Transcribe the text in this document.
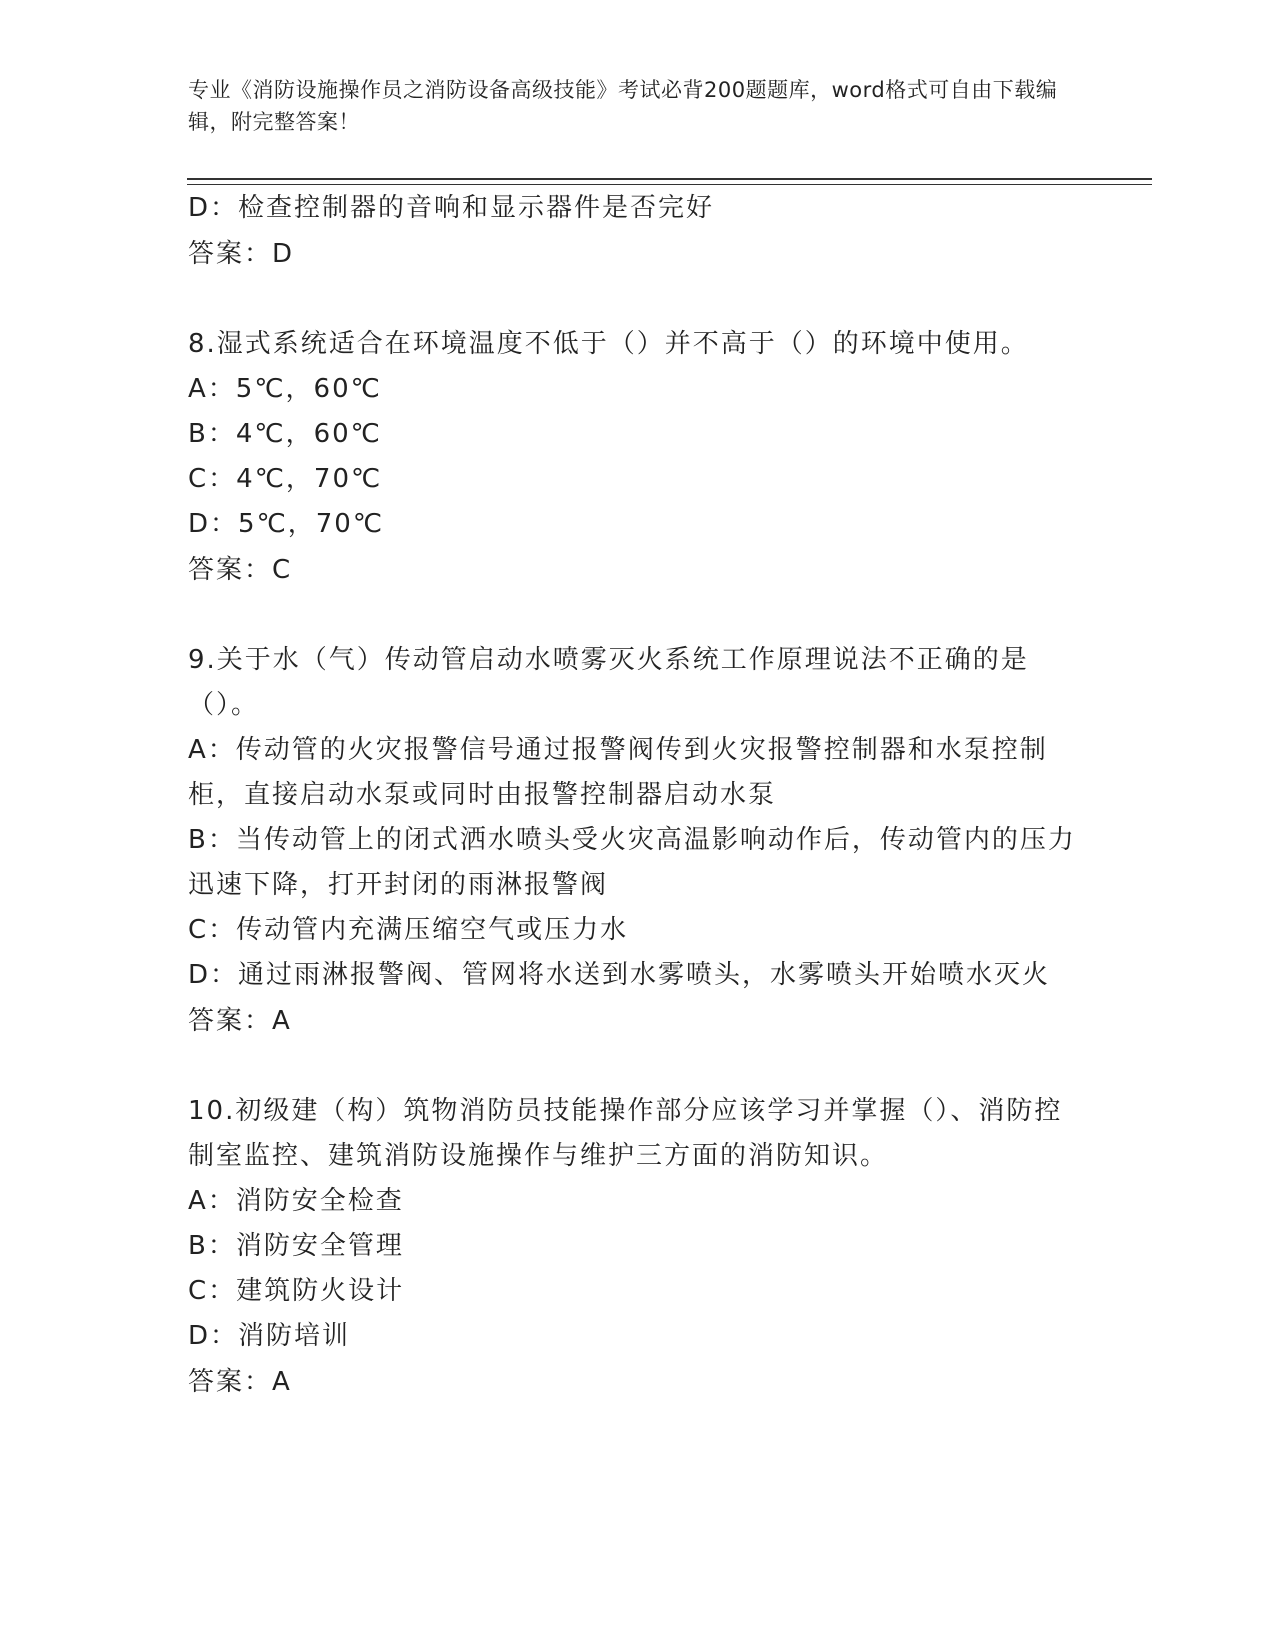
专业《消防设施操作员之消防设备高级技能》考试必背200题题库，word格式可自由下载编辑，附完整答案！
D：检查控制器的音响和显示器件是否完好
答案：D
8.湿式系统适合在环境温度不低于（）并不高于（）的环境中使用。
A：5℃，60℃
B：4℃，60℃
C：4℃，70℃
D：5℃，70℃
答案：C
9.关于水（气）传动管启动水喷雾灭火系统工作原理说法不正确的是（）。
A：传动管的火灾报警信号通过报警阀传到火灾报警控制器和水泵控制柜，直接启动水泵或同时由报警控制器启动水泵
B：当传动管上的闭式洒水喷头受火灾高温影响动作后，传动管内的压力迅速下降，打开封闭的雨淋报警阀
C：传动管内充满压缩空气或压力水
D：通过雨淋报警阀、管网将水送到水雾喷头，水雾喷头开始喷水灭火
答案：A
10.初级建（构）筑物消防员技能操作部分应该学习并掌握（）、消防控制室监控、建筑消防设施操作与维护三方面的消防知识。
A：消防安全检查
B：消防安全管理
C：建筑防火设计
D：消防培训
答案：A
